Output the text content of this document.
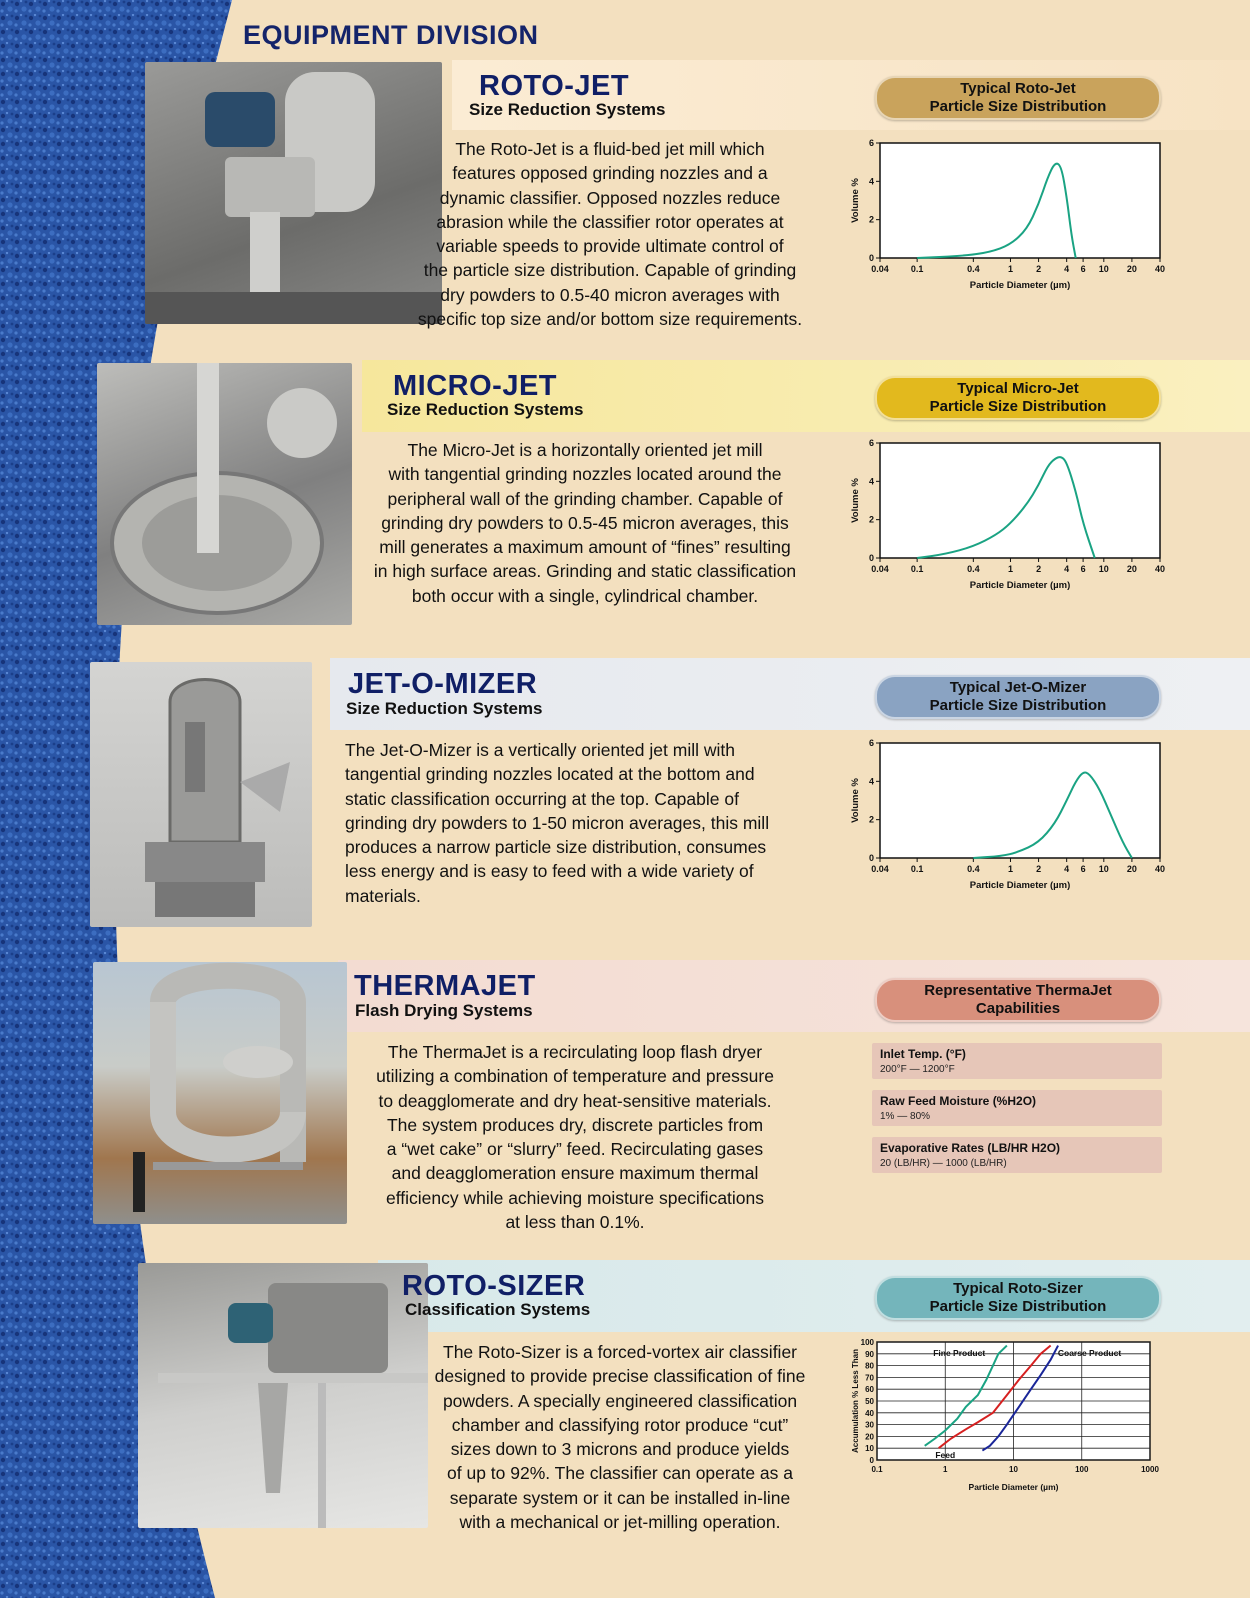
EQUIPMENT DIVISION
ROTO-JET
Size Reduction Systems
MICRO-JET
Size Reduction Systems
JET-O-MIZER
Size Reduction Systems
THERMAJET
Flash Drying Systems
ROTO-SIZER
Classification Systems
The Roto-Jet is a fluid-bed jet mill which
features opposed grinding nozzles and a
dynamic classifier. Opposed nozzles reduce
abrasion while the classifier rotor operates at
variable speeds to provide ultimate control of
the particle size distribution. Capable of grinding
dry powders to 0.5-40 micron averages with
specific top size and/or bottom size requirements.
The Micro-Jet is a horizontally oriented jet mill
with tangential grinding nozzles located around the
peripheral wall of the grinding chamber. Capable of
grinding dry powders to 0.5-45 micron averages, this
mill generates a maximum amount of “fines” resulting
in high surface areas. Grinding and static classification
both occur with a single, cylindrical chamber.
The Jet-O-Mizer is a vertically oriented jet mill with
tangential grinding nozzles located at the bottom and
static classification occurring at the top. Capable of
grinding dry powders to 1-50 micron averages, this mill
produces a narrow particle size distribution, consumes
less energy and is easy to feed with a wide variety of
materials.
The ThermaJet is a recirculating loop flash dryer
utilizing a combination of temperature and pressure
to deagglomerate and dry heat-sensitive materials.
The system produces dry, discrete particles from
a “wet cake” or “slurry” feed. Recirculating gases
and deagglomeration ensure maximum thermal
efficiency while achieving moisture specifications
at less than 0.1%.
The Roto-Sizer is a forced-vortex air classifier
designed to provide precise classification of fine
powders. A specially engineered classification
chamber and classifying rotor produce “cut”
sizes down to 3 microns and produce yields
of up to 92%. The classifier can operate as a
separate system or it can be installed in-line
with a mechanical or jet-milling operation.
Typical Roto-Jet
Particle Size Distribution
Typical Micro-Jet
Particle Size Distribution
Typical Jet-O-Mizer
Particle Size Distribution
Representative ThermaJet
Capabilities
Typical Roto-Sizer
Particle Size Distribution
0
2
4
6
0.04 0.1	0.4	1	2	4 6 10 20 40
Particle Diameter (µm)
Volume %
0
2
4
6
0.04 0.1	0.4	1	2	4 6 10 20 40
Particle Diameter (µm)
Volume %
0
2
4
6
0.04 0.1	0.4	1	2	4 6 10 20 40
Particle Diameter (µm)
Volume %
0
10
20
30
40
50
60
70
80
90
100
0.1	1	10	100	1000
Particle Diameter (µm)
Accumulation % Less Than	Fine Product	Coarse Product
Feed
Inlet Temp. (°F)
200°F — 1200°F
Raw Feed Moisture (%H2O)
1% — 80%
Evaporative Rates (LB/HR H2O)
20 (LB/HR) — 1000 (LB/HR)
